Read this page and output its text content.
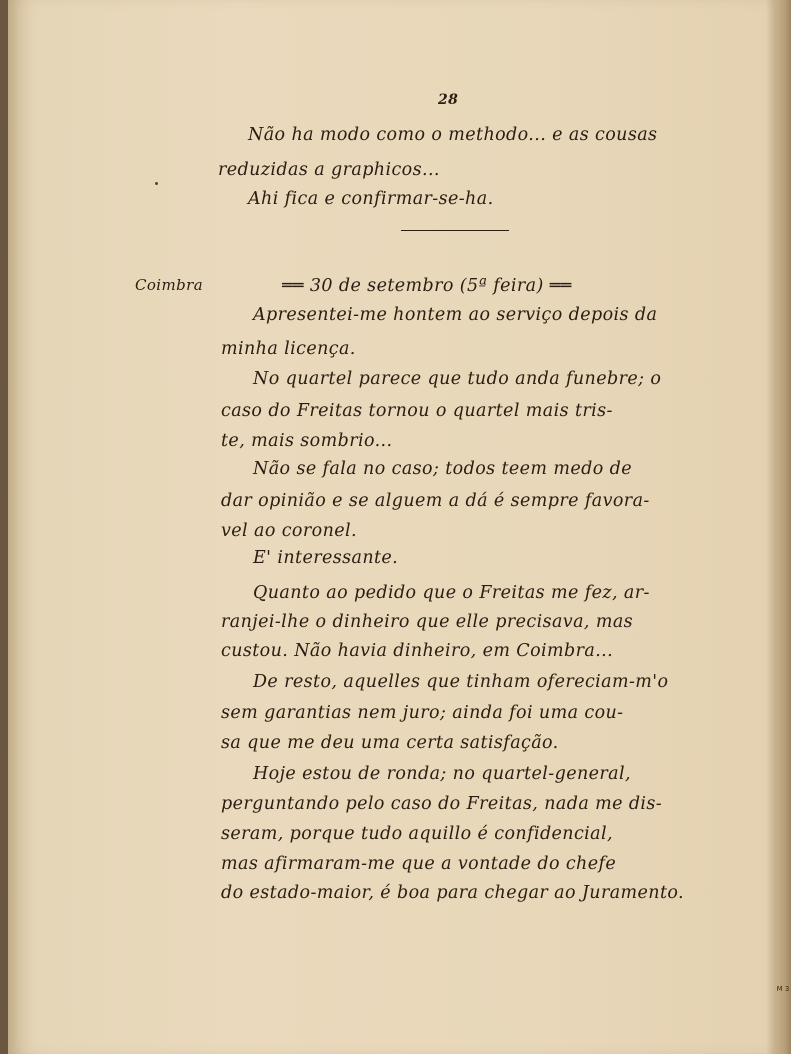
28
Não ha modo como o methodo... e as cousas
reduzidas a graphicos...
Ahi fica e confirmar-se-ha.
Coimbra	══ 30 de setembro (5ª feira) ══
Apresentei-me hontem ao serviço depois da
minha licença.
No quartel parece que tudo anda funebre; o
caso do Freitas tornou o quartel mais tris-
te, mais sombrio...
Não se fala no caso; todos teem medo de
dar opinião e se alguem a dá é sempre favora-
vel ao coronel.
E' interessante.
Quanto ao pedido que o Freitas me fez, ar-
ranjei-lhe o dinheiro que elle precisava, mas
custou. Não havia dinheiro, em Coimbra...
De resto, aquelles que tinham ofereciam-m'o
sem garantias nem juro; ainda foi uma cou-
sa que me deu uma certa satisfação.
Hoje estou de ronda; no quartel-general,
perguntando pelo caso do Freitas, nada me dis-
seram, porque tudo aquillo é confidencial,
mas afirmaram-me que a vontade do chefe
do estado-maior, é boa para chegar ao Juramento.
M 3
